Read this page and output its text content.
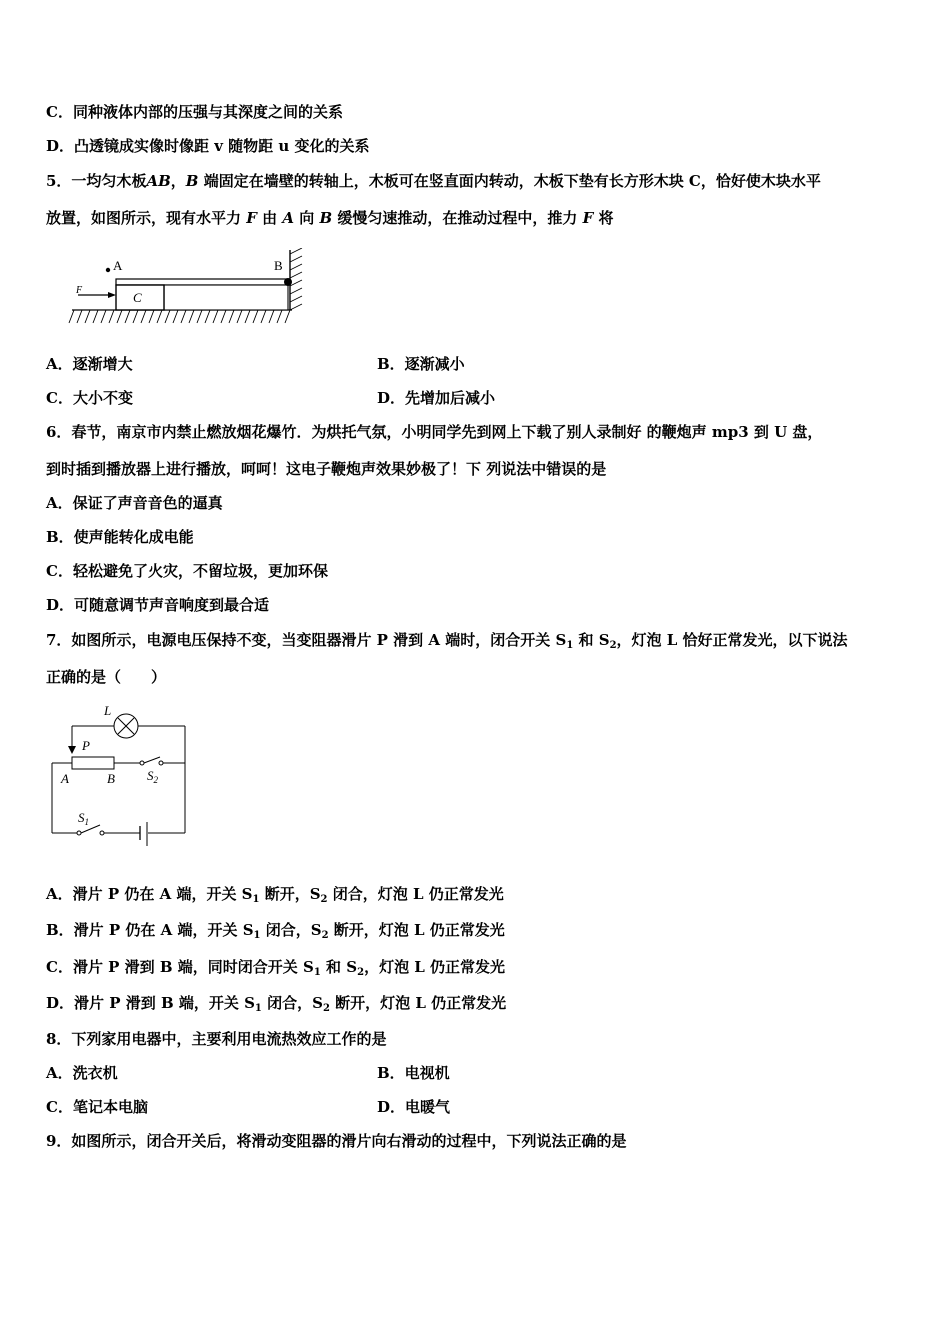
C．同种液体内部的压强与其深度之间的关系
D．凸透镜成实像时像距 v 随物距 u 变化的关系
5．一均匀木板AB，B 端固定在墙壁的转轴上，木板可在竖直面内转动，木板下垫有长方形木块 C，恰好使木块水平
放置，如图所示，现有水平力 F 由 A 向 B 缓慢匀速推动，在推动过程中，推力 F 将
C
A	B
F
A．逐渐增大	B．逐渐减小
C．大小不变	D．先增加后减小
6．春节，南京市内禁止燃放烟花爆竹．为烘托气氛，小明同学先到网上下载了别人录制好 的鞭炮声 mp3 到 U 盘，
到时插到播放器上进行播放，呵呵！这电子鞭炮声效果妙极了！下 列说法中错误的是
A．保证了声音音色的逼真
B．使声能转化成电能
C．轻松避免了火灾，不留垃圾，更加环保
D．可随意调节声音响度到最合适
7．如图所示，电源电压保持不变，当变阻器滑片 P 滑到 A 端时，闭合开关 $S_1$ 和 $S_2$，灯泡 L 恰好正常发光，以下说法
正确的是（　　）
L
P
A	B $S_2$
$S_1$
A．滑片 P 仍在 A 端，开关 $S_1$ 断开，$S_2$ 闭合，灯泡 L 仍正常发光
B．滑片 P 仍在 A 端，开关 $S_1$ 闭合，$S_2$ 断开，灯泡 L 仍正常发光
C．滑片 P 滑到 B 端，同时闭合开关 $S_1$ 和 $S_2$，灯泡 L 仍正常发光
D．滑片 P 滑到 B 端，开关 $S_1$ 闭合，$S_2$ 断开，灯泡 L 仍正常发光
8．下列家用电器中，主要利用电流热效应工作的是
A．洗衣机	B．电视机
C．笔记本电脑	D．电暖气
9．如图所示，闭合开关后，将滑动变阻器的滑片向右滑动的过程中，下列说法正确的是
